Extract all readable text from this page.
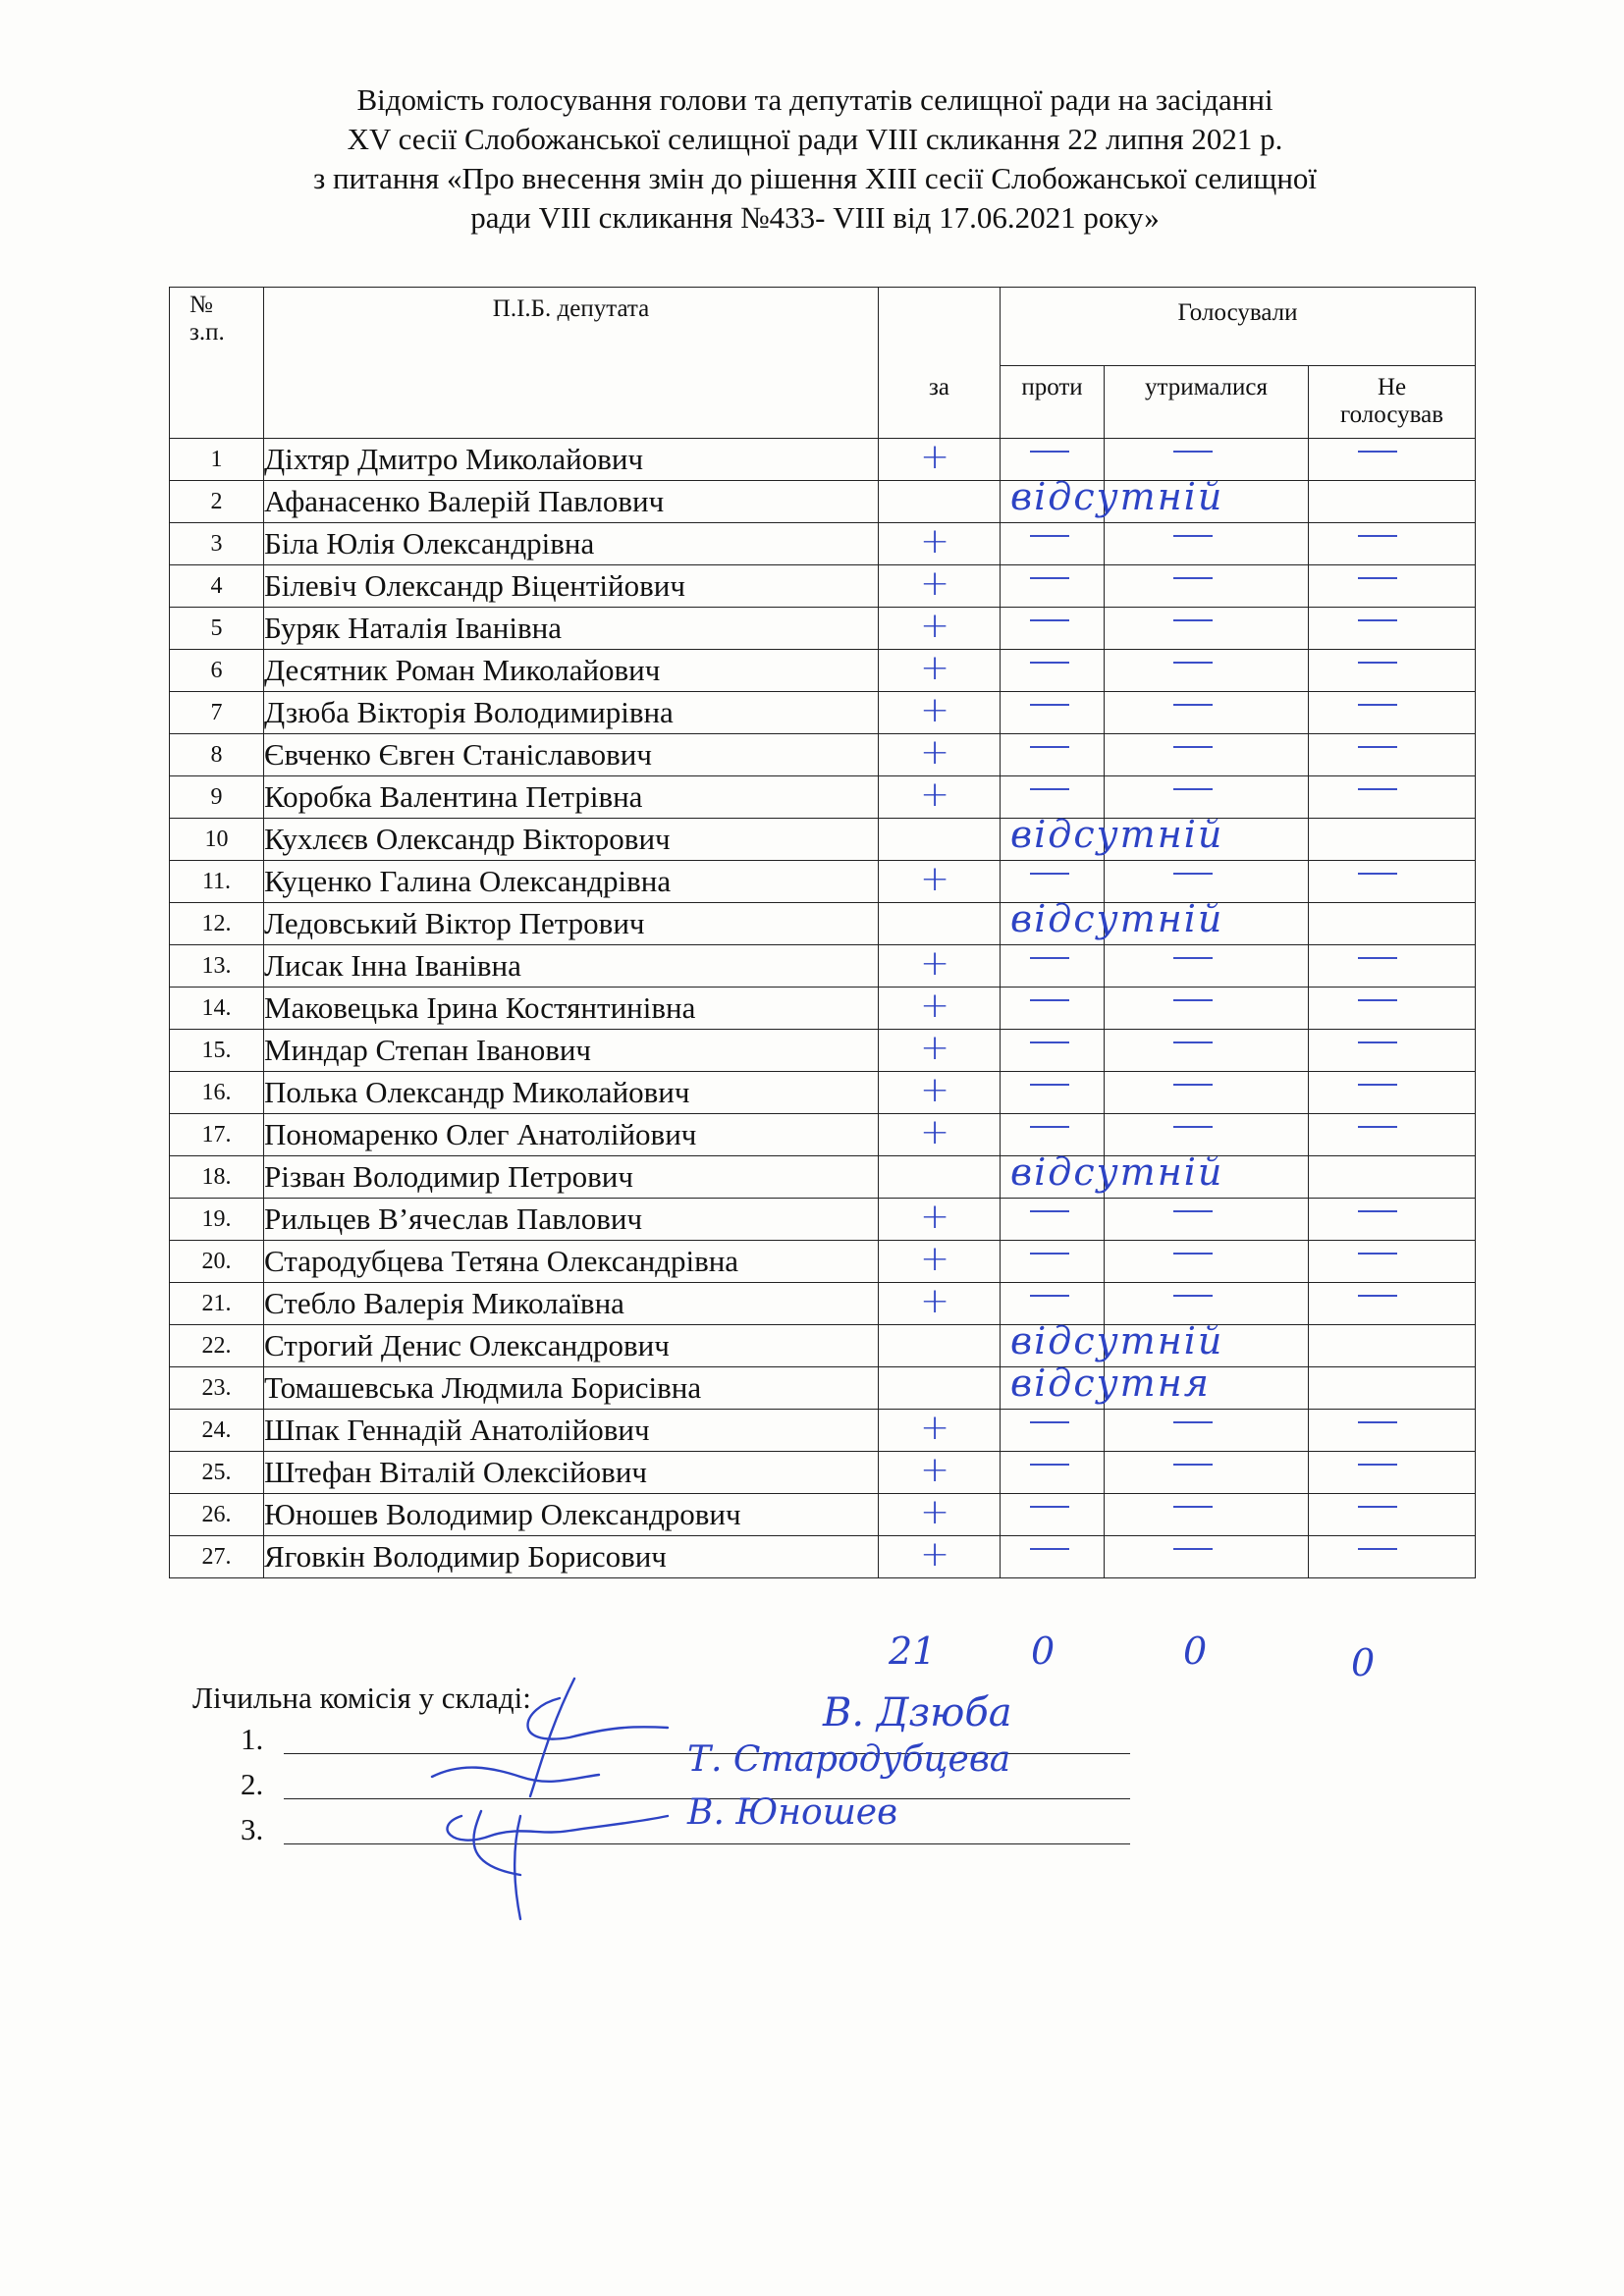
Відомість голосування голови та депутатів селищної ради на засіданні
XV сесії Слобожанської селищної ради VIII скликання 22 липня 2021 р.
з питання «Про внесення змін до рішення XIII сесії Слобожанської селищної
ради VIII скликання №433- VIII від 17.06.2021 року»
№ з.п.	П.І.Б. депутата		Голосували		
		за	проти	утрималися	Не голосував
1	Діхтяр Дмитро Миколайович	+			

2	Афанасенко Валерій Павлович		відсутній		

3	Біла Юлія Олександрівна	+			

4	Білевіч Олександр Віцентійович	+			

5	Буряк Наталія Іванівна	+			

6	Десятник Роман Миколайович	+			

7	Дзюба Вікторія Володимирівна	+			

8	Євченко Євген Станіславович	+			

9	Коробка Валентина Петрівна	+			

10	Кухлєєв Олександр Вікторович		відсутній		

11.	Куценко Галина Олександрівна	+			

12.	Ледовський Віктор Петрович		відсутній		

13.	Лисак Інна Іванівна	+			

14.	Маковецька Ірина Костянтинівна	+			

15.	Миндар Степан Іванович	+			

16.	Полька Олександр Миколайович	+			

17.	Пономаренко Олег Анатолійович	+			

18.	Різван Володимир Петрович		відсутній		

19.	Рильцев В’ячеслав Павлович	+			

20.	Стародубцева Тетяна Олександрівна	+			

21.	Стебло Валерія Миколаївна	+			

22.	Строгий Денис Олександрович		відсутній		

23.	Томашевська Людмила Борисівна		відсутня		

24.	Шпак Геннадій Анатолійович	+			

25.	Штефан Віталій Олексійович	+			

26.	Юношев Володимир Олександрович	+			

27.	Яговкін Володимир Борисович	+			

21	0	0	0
Лічильна комісія у складі:
1.
2.
3.
В. Дзюба
Т. Стародубцева
В. Юношев
